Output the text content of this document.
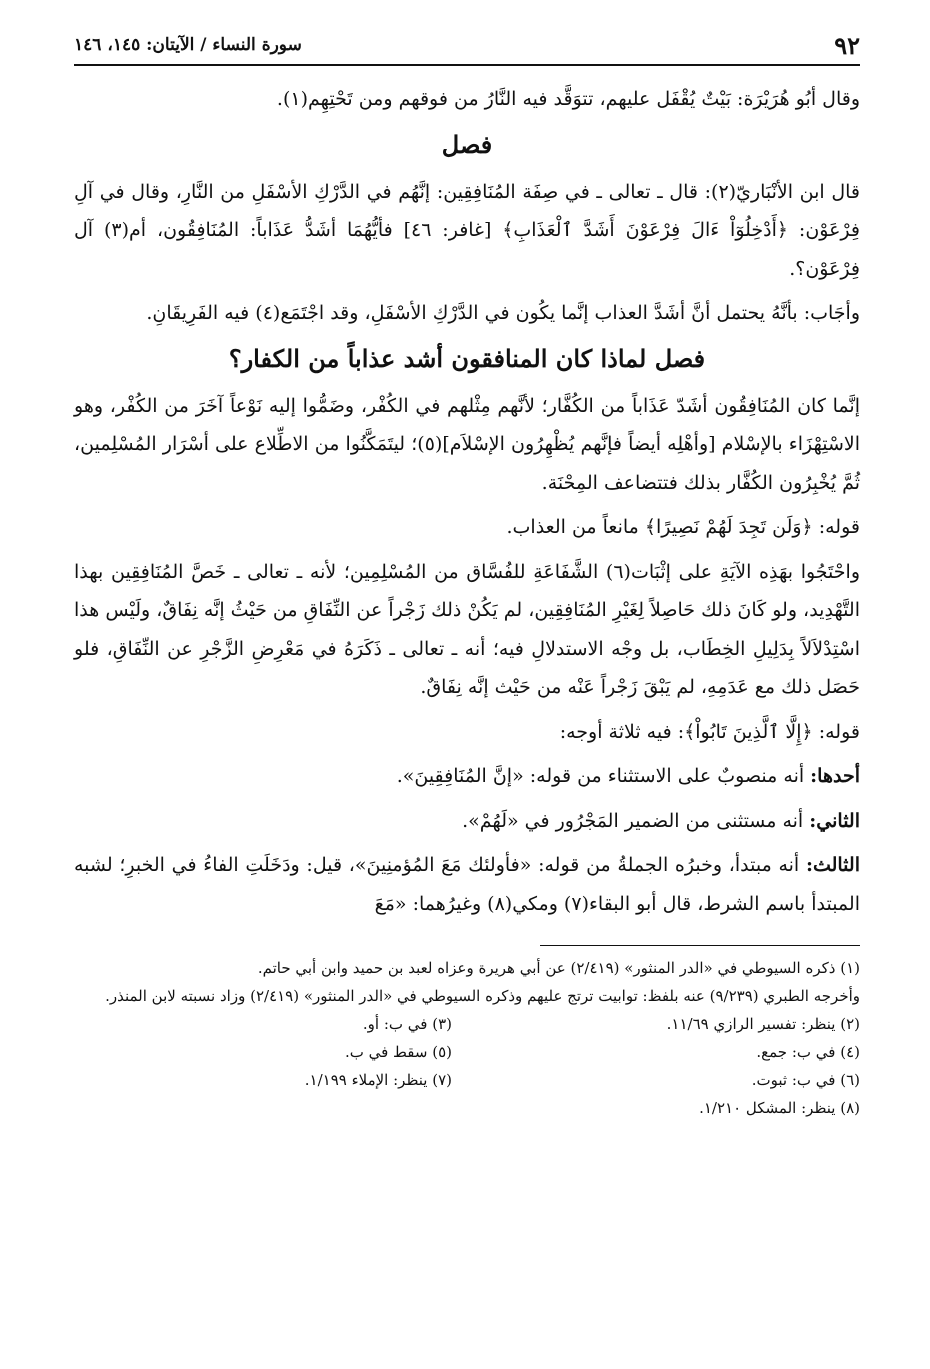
٩٢
سورة النساء / الآيتان: ١٤٥، ١٤٦

وقال أبُو هُرَيْرَة: بَيْتٌ يُقْفَل عليهم، تتوَقَّد فيه النَّارُ من فوقهم ومن تَحْتِهِم(١).

فصل

قال ابن الأنْبَاريّ(٢): قال ـ تعالى ـ في صِفَة المُنَافِقِين: إنَّهُم في الدَّرْكِ الأسْفَلِ من النَّارِ، وقال في آلِ فِرْعَوْن: ﴿أَدْخِلُوٓاْ ءَالَ فِرْعَوْنَ أَشَدَّ ٱلْعَذَابِ﴾ [غافر: ٤٦] فأيُّهُمَا أشَدُّ عَذَاباً: المُنَافِقُون، أم(٣) آل فِرْعَوْن؟.

وأجَاب: بأنَّهُ يحتمل أنَّ أشَدَّ العذاب إنَّما يكُون في الدَّرْكِ الأسْفَلِ، وقد اجْتَمَع(٤) فيه الفَرِيقَانِ.

فصل لماذا كان المنافقون أشد عذاباً من الكفار؟

إنَّما كان المُنَافِقُون أشَدّ عَذَاباً من الكُفَّار؛ لأنَّهم مِثْلهم في الكُفْر، وضَمُّوا إليه نَوْعاً آخَرَ من الكُفْر، وهو الاسْتِهْزَاء بالإسْلام [وأهْلِه أيضاً فإنَّهم يُظْهِرُون الإسْلاَم](٥)؛ ليتَمَكَّنُوا من الاطِّلاع على أسْرَار المُسْلِمين، ثُمَّ يُخْبِرُون الكُفَّار بذلك فتتضاعف المِحْنَة.

قوله: ﴿وَلَن تَجِدَ لَهُمْ نَصِيرًا﴾ مانعاً من العذاب.

واحْتَجُوا بهَذِه الآيَةِ على إثْبَات(٦) الشَّفَاعَةِ للفُسَّاق من المُسْلِمِين؛ لأنه ـ تعالى ـ خَصَّ المُنَافِقِين بهذا التَّهْدِيد، ولو كَانَ ذلك حَاصِلاً لِغَيْرِ المُنَافِقِين، لم يَكُنْ ذلك زَجْراً عن النِّفَاقِ من حَيْثُ إنَّه نِفَاقٌ، ولَيْس هذا اسْتِدْلاَلاً بِدَلِيلِ الخِطَاب، بل وجْه الاستدلالِ فيه؛ أنه ـ تعالى ـ ذَكَرَهُ في مَعْرِضِ الزَّجْرِ عن النِّفَاقِ، فلو حَصَل ذلك مع عَدَمِهِ، لم يَبْقَ زَجْراً عَنْه من حَيْث إنَّه نِفَاقٌ.

قوله: ﴿إِلَّا ٱلَّذِينَ تَابُواْ﴾: فيه ثلاثة أوجه:

أحدها: أنه منصوبٌ على الاستثناء من قوله: «إنَّ المُنَافِقِينَ».

الثاني: أنه مستثنى من الضمير المَجْرُور في «لَهُمْ».

الثالث: أنه مبتدأ، وخبرُه الجملةُ من قوله: «فأولئك مَعَ المُؤمنِينَ»، قيل: ودَخَلَتِ الفاءُ في الخبرِ؛ لشبه المبتدأ باسم الشرط، قال أبو البقاء(٧) ومكي(٨) وغيرُهما: «مَعَ

(١) ذكره السيوطي في «الدر المنثور» (٢/٤١٩) عن أبي هريرة وعزاه لعبد بن حميد وابن أبي حاتم.

وأخرجه الطبري (٩/٢٣٩) عنه بلفظ: توابيت ترتج عليهم وذكره السيوطي في «الدر المنثور» (٢/٤١٩) وزاد نسبته لابن المنذر.

(٢) ينظر: تفسير الرازي ١١/٦٩.
(٣) في ب: أو.
(٤) في ب: جمع.
(٥) سقط في ب.
(٦) في ب: ثبوت.
(٧) ينظر: الإملاء ١/١٩٩.
(٨) ينظر: المشكل ١/٢١٠.
